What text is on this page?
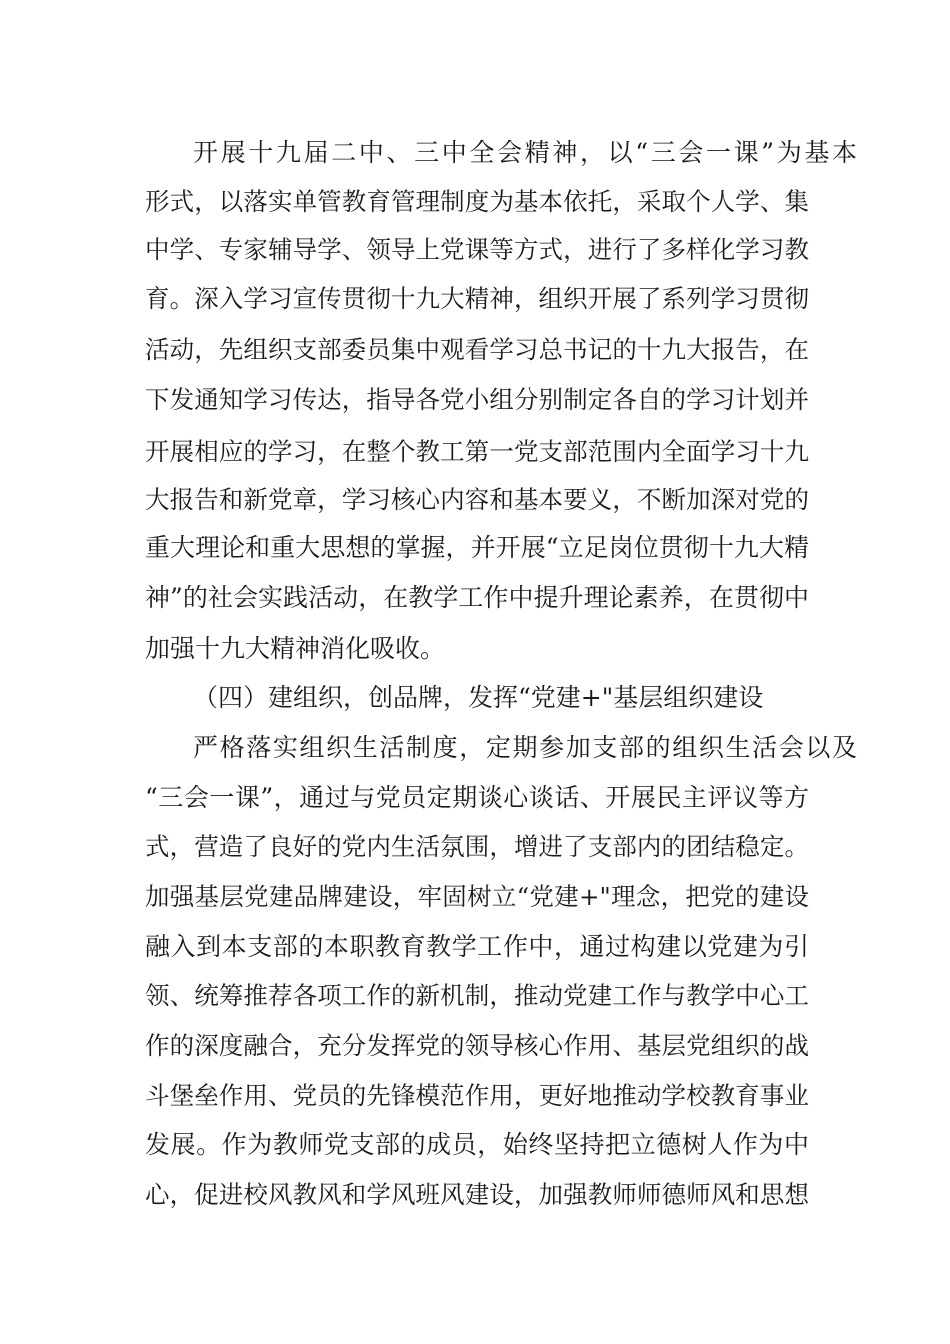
开展十九届二中、三中全会精神，以“三会一课”为基本
形式，以落实单管教育管理制度为基本依托，采取个人学、集
中学、专家辅导学、领导上党课等方式，进行了多样化学习教
育。深入学习宣传贯彻十九大精神，组织开展了系列学习贯彻
活动，先组织支部委员集中观看学习总书记的十九大报告，在
下发通知学习传达，指导各党小组分别制定各自的学习计划并
开展相应的学习，在整个教工第一党支部范围内全面学习十九
大报告和新党章，学习核心内容和基本要义，不断加深对党的
重大理论和重大思想的掌握，并开展“立足岗位贯彻十九大精
神”的社会实践活动，在教学工作中提升理论素养，在贯彻中
加强十九大精神消化吸收。
（四）建组织，创品牌，发挥“党建+"基层组织建设
严格落实组织生活制度，定期参加支部的组织生活会以及
“三会一课”，通过与党员定期谈心谈话、开展民主评议等方
式，营造了良好的党内生活氛围，增进了支部内的团结稳定。
加强基层党建品牌建设，牢固树立“党建+"理念，把党的建设
融入到本支部的本职教育教学工作中，通过构建以党建为引
领、统筹推荐各项工作的新机制，推动党建工作与教学中心工
作的深度融合，充分发挥党的领导核心作用、基层党组织的战
斗堡垒作用、党员的先锋模范作用，更好地推动学校教育事业
发展。作为教师党支部的成员，始终坚持把立德树人作为中
心，促进校风教风和学风班风建设，加强教师师德师风和思想
